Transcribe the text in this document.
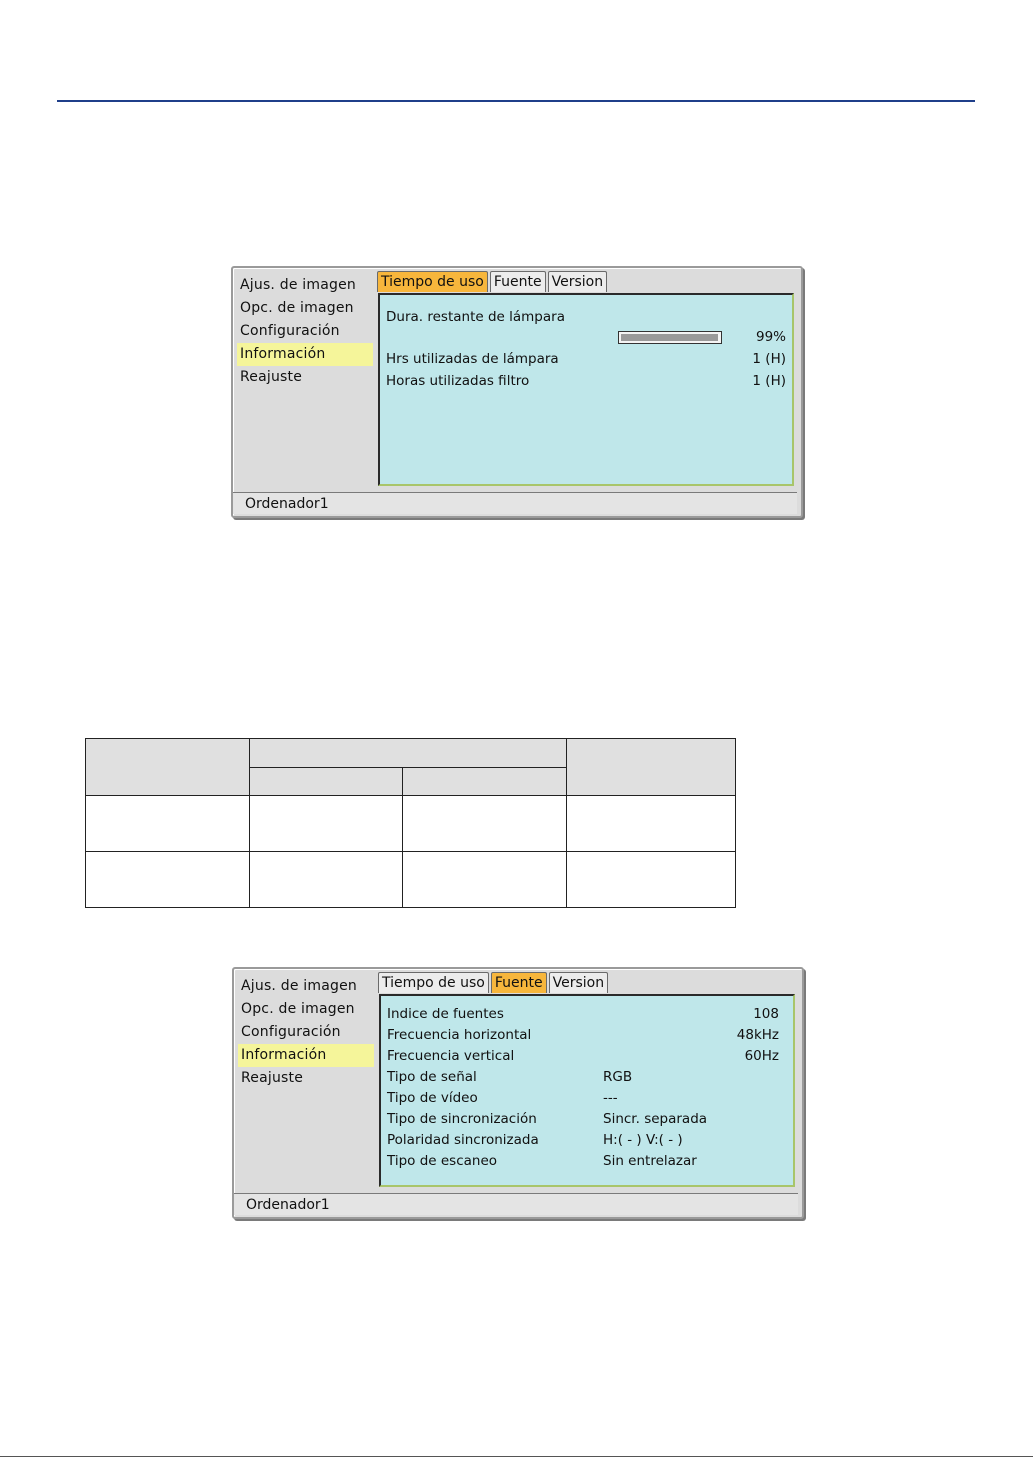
Ajus. de imagen
Opc. de imagen
Configuración
Información
Reajuste
Tiempo de uso Fuente Version
Dura. restante de lámpara
99%
Hrs utilizadas de lámpara	1 (H)
Horas utilizadas filtro	1 (H)
Ordenador1

Ajus. de imagen
Opc. de imagen
Configuración
Información
Reajuste
Tiempo de uso Fuente Version
Indice de fuentes	108
Frecuencia horizontal	48kHz
Frecuencia vertical	60Hz
Tipo de señal	RGB
Tipo de vídeo	---
Tipo de sincronización	Sincr. separada
Polaridad sincronizada	H:( - ) V:( - )
Tipo de escaneo	Sin entrelazar
Ordenador1
